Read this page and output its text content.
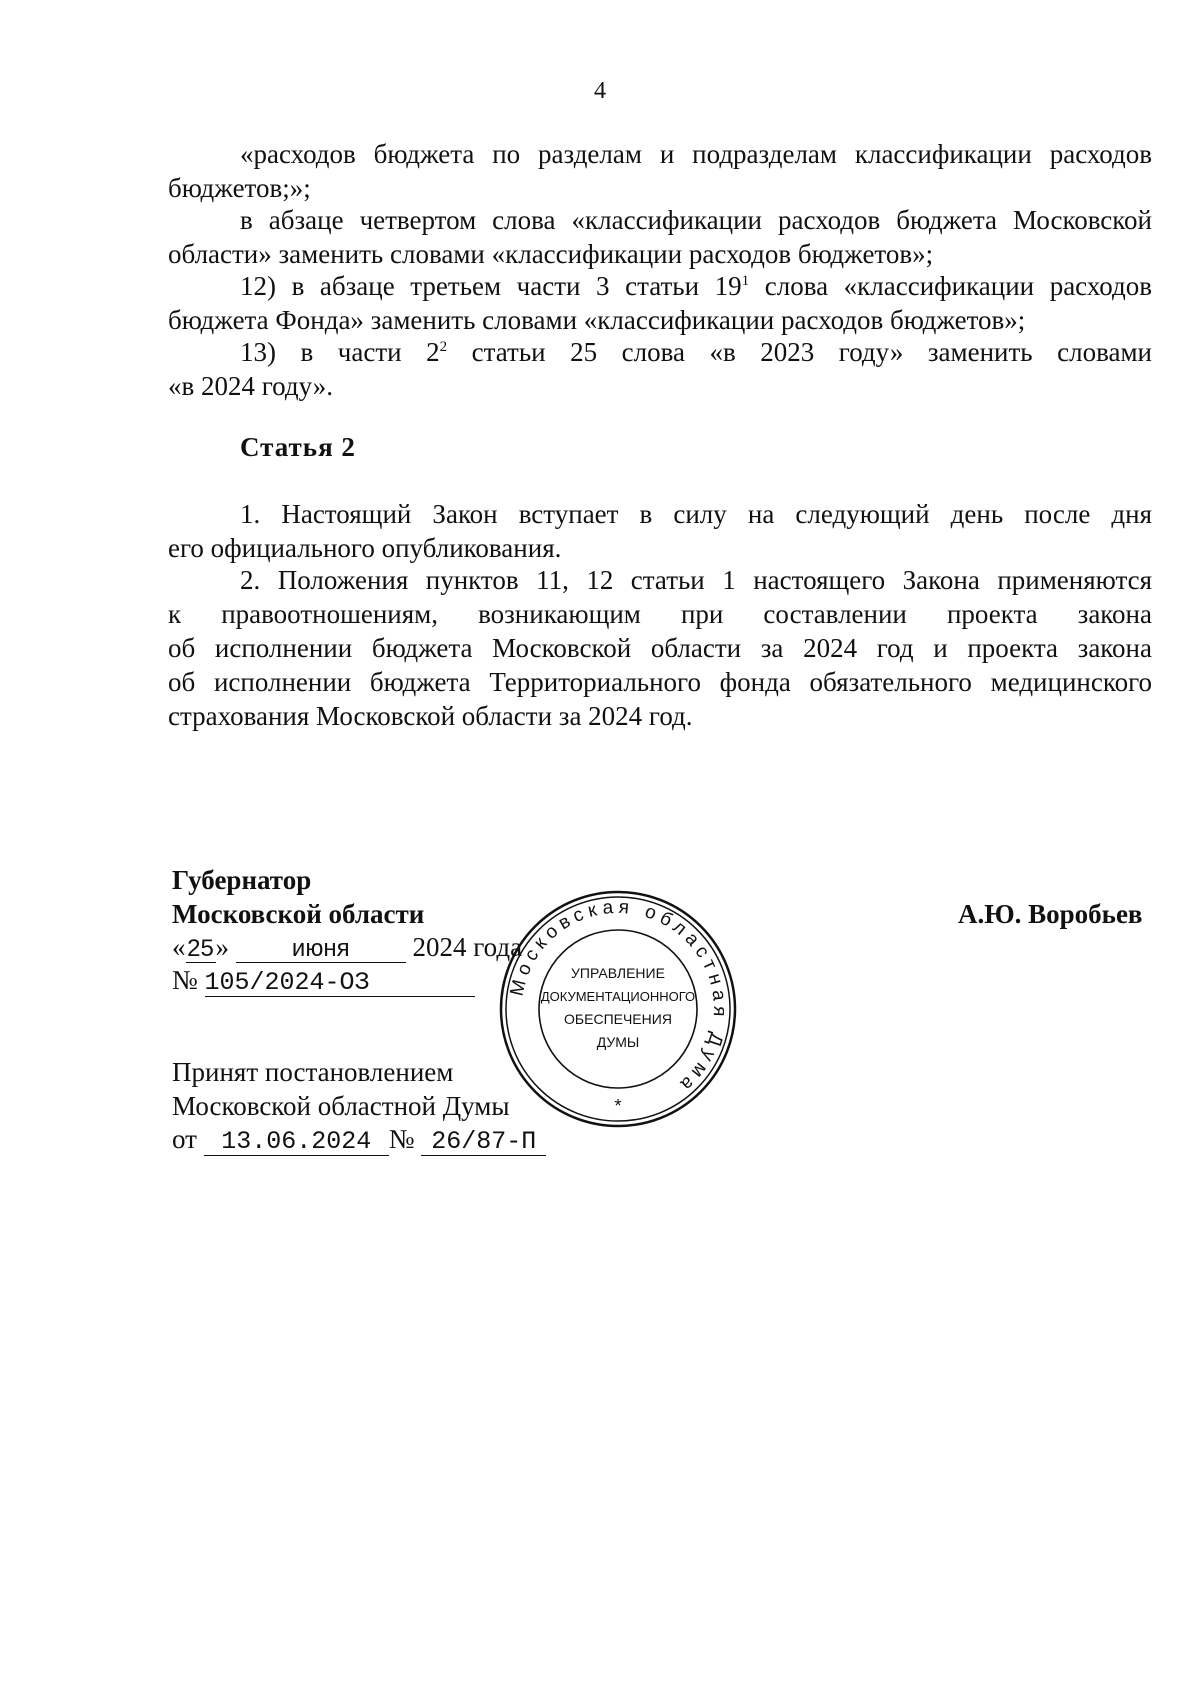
4
«расходов бюджета по разделам и подразделам классификации расходов
бюджетов;»;
в абзаце четвертом слова «классификации расходов бюджета Московской
области» заменить словами «классификации расходов бюджетов»;
12) в абзаце третьем части 3 статьи $19^1$ слова «классификации расходов
бюджета Фонда» заменить словами «классификации расходов бюджетов»;
13) в части $2^2$ статьи 25 слова «в 2023 году» заменить словами
«в 2024 году».
Статья 2
1. Настоящий Закон вступает в силу на следующий день после дня
его официального опубликования.
2. Положения пунктов 11, 12 статьи 1 настоящего Закона применяются
к правоотношениям, возникающим при составлении проекта закона
об исполнении бюджета Московской области за 2024 год и проекта закона
об исполнении бюджета Территориального фонда обязательного медицинского
страхования Московской области за 2024 год.
Московская областная Дума
УПРАВЛЕНИЕ
ДОКУМЕНТАЦИОННОГО
ОБЕСПЕЧЕНИЯ
ДУМЫ
*
Губернатор
Московской области	А.Ю. Воробьев
«25»	июня 2024 года
№ 105/2024-ОЗ
Принят постановлением
Московской областной Думы
от 13.06.2024 № 26/87-П
